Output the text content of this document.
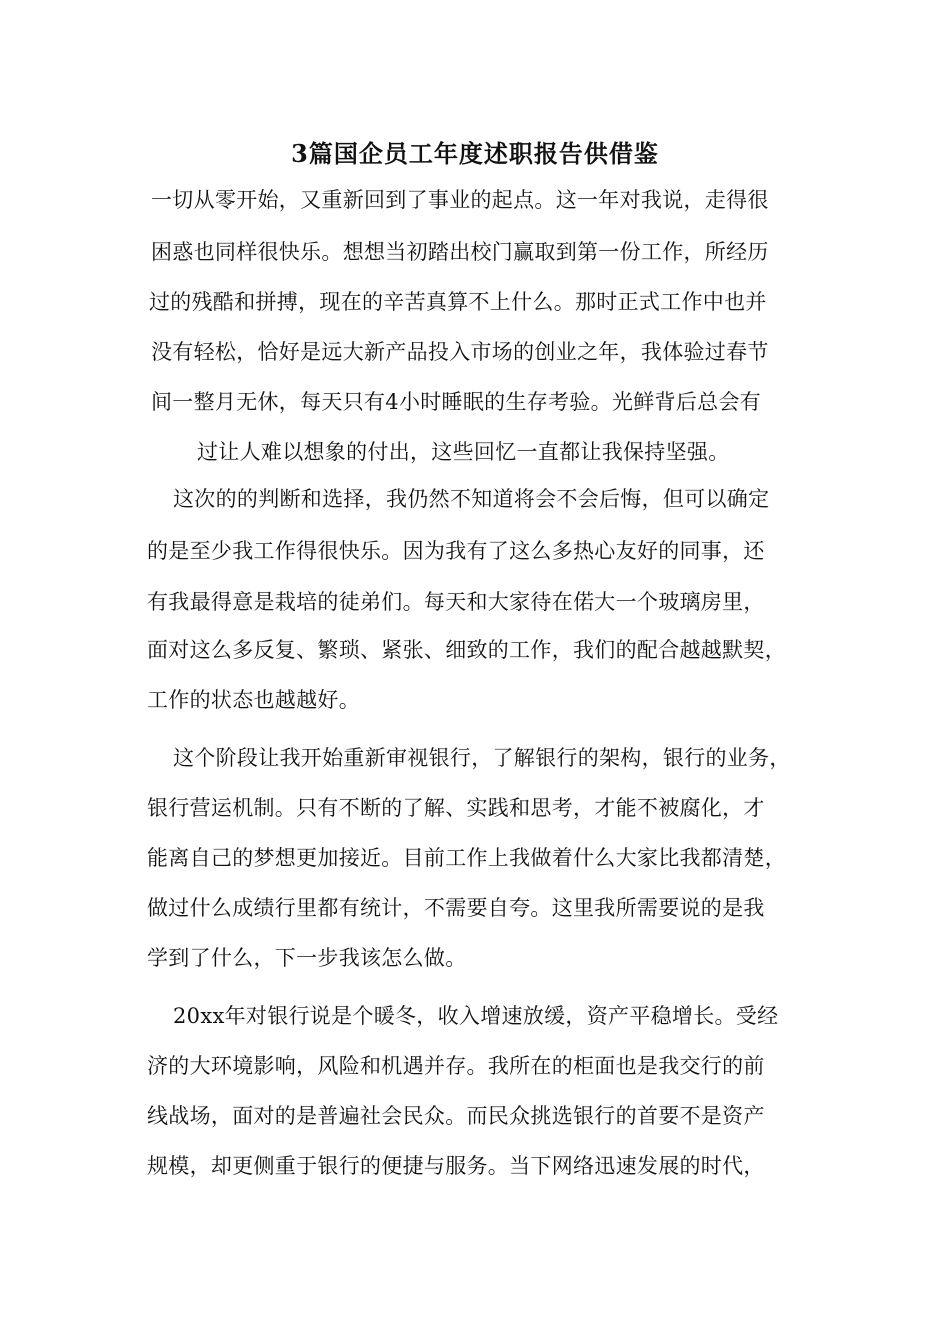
3篇国企员工年度述职报告供借鉴
一切从零开始，又重新回到了事业的起点。这一年对我说，走得很
困惑也同样很快乐。想想当初踏出校门赢取到第一份工作，所经历
过的残酷和拼搏，现在的辛苦真算不上什么。那时正式工作中也并
没有轻松，恰好是远大新产品投入市场的创业之年，我体验过春节
间一整月无休，每天只有4小时睡眠的生存考验。光鲜背后总会有
过让人难以想象的付出，这些回忆一直都让我保持坚强。
这次的的判断和选择，我仍然不知道将会不会后悔，但可以确定
的是至少我工作得很快乐。因为我有了这么多热心友好的同事，还
有我最得意是栽培的徒弟们。每天和大家待在偌大一个玻璃房里，
面对这么多反复、繁琐、紧张、细致的工作，我们的配合越越默契，
工作的状态也越越好。
这个阶段让我开始重新审视银行，了解银行的架构，银行的业务，
银行营运机制。只有不断的了解、实践和思考，才能不被腐化，才
能离自己的梦想更加接近。目前工作上我做着什么大家比我都清楚，
做过什么成绩行里都有统计，不需要自夸。这里我所需要说的是我
学到了什么，下一步我该怎么做。
20xx年对银行说是个暖冬，收入增速放缓，资产平稳增长。受经
济的大环境影响，风险和机遇并存。我所在的柜面也是我交行的前
线战场，面对的是普遍社会民众。而民众挑选银行的首要不是资产
规模，却更侧重于银行的便捷与服务。当下网络迅速发展的时代，
